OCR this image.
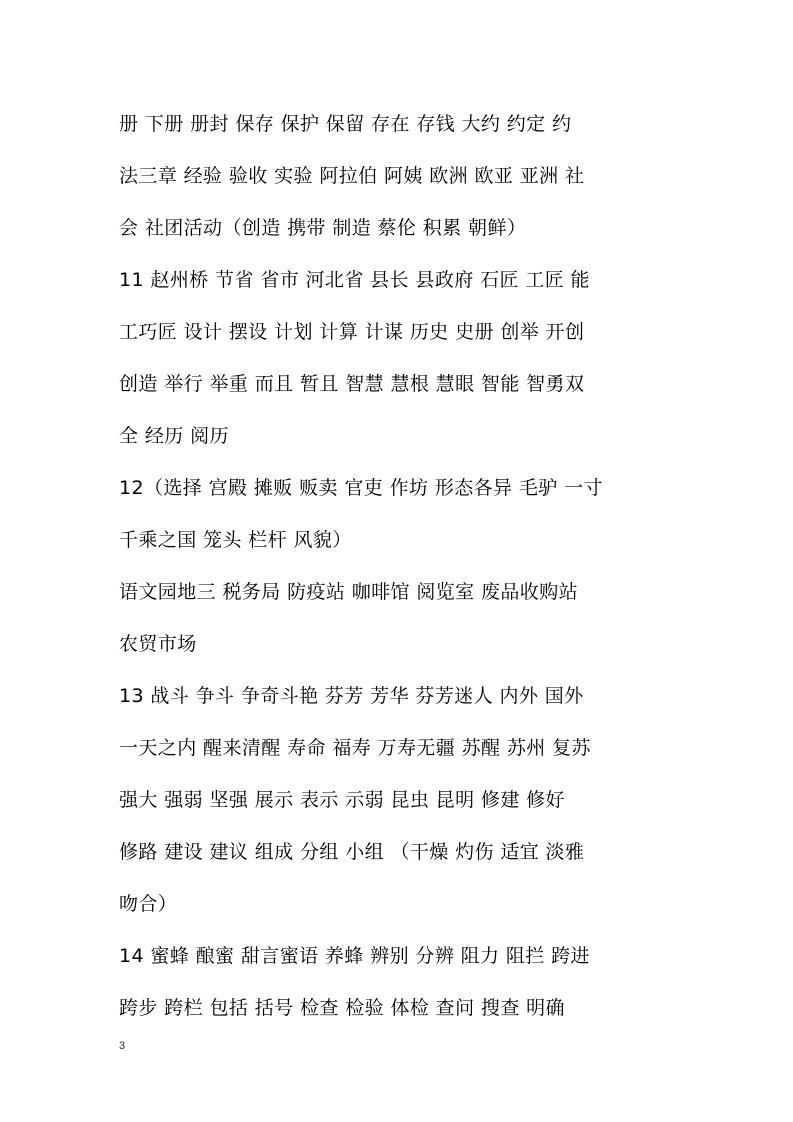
册 下册 册封 保存 保护 保留 存在 存钱 大约 约定 约
法三章 经验 验收 实验 阿拉伯 阿姨 欧洲 欧亚 亚洲 社
会 社团活动（创造 携带 制造 蔡伦 积累 朝鲜）
11 赵州桥 节省 省市 河北省 县长 县政府 石匠 工匠 能
工巧匠 设计 摆设 计划 计算 计谋 历史 史册 创举 开创
创造 举行 举重 而且 暂且 智慧 慧根 慧眼 智能 智勇双
全 经历 阅历
12（选择 宫殿 摊贩 贩卖 官吏 作坊 形态各异 毛驴 一寸
千乘之国 笼头 栏杆 风貌）
语文园地三 税务局 防疫站 咖啡馆 阅览室 废品收购站
农贸市场
13 战斗 争斗 争奇斗艳 芬芳 芳华 芬芳迷人 内外 国外
一天之内 醒来清醒 寿命 福寿 万寿无疆 苏醒 苏州 复苏
强大 强弱 坚强 展示 表示 示弱 昆虫 昆明 修建 修好
修路 建设 建议 组成 分组 小组 （干燥 灼伤 适宜 淡雅
吻合）
14 蜜蜂 酿蜜 甜言蜜语 养蜂 辨别 分辨 阻力 阻拦 跨进
跨步 跨栏 包括 括号 检查 检验 体检 查问 搜查 明确
3
